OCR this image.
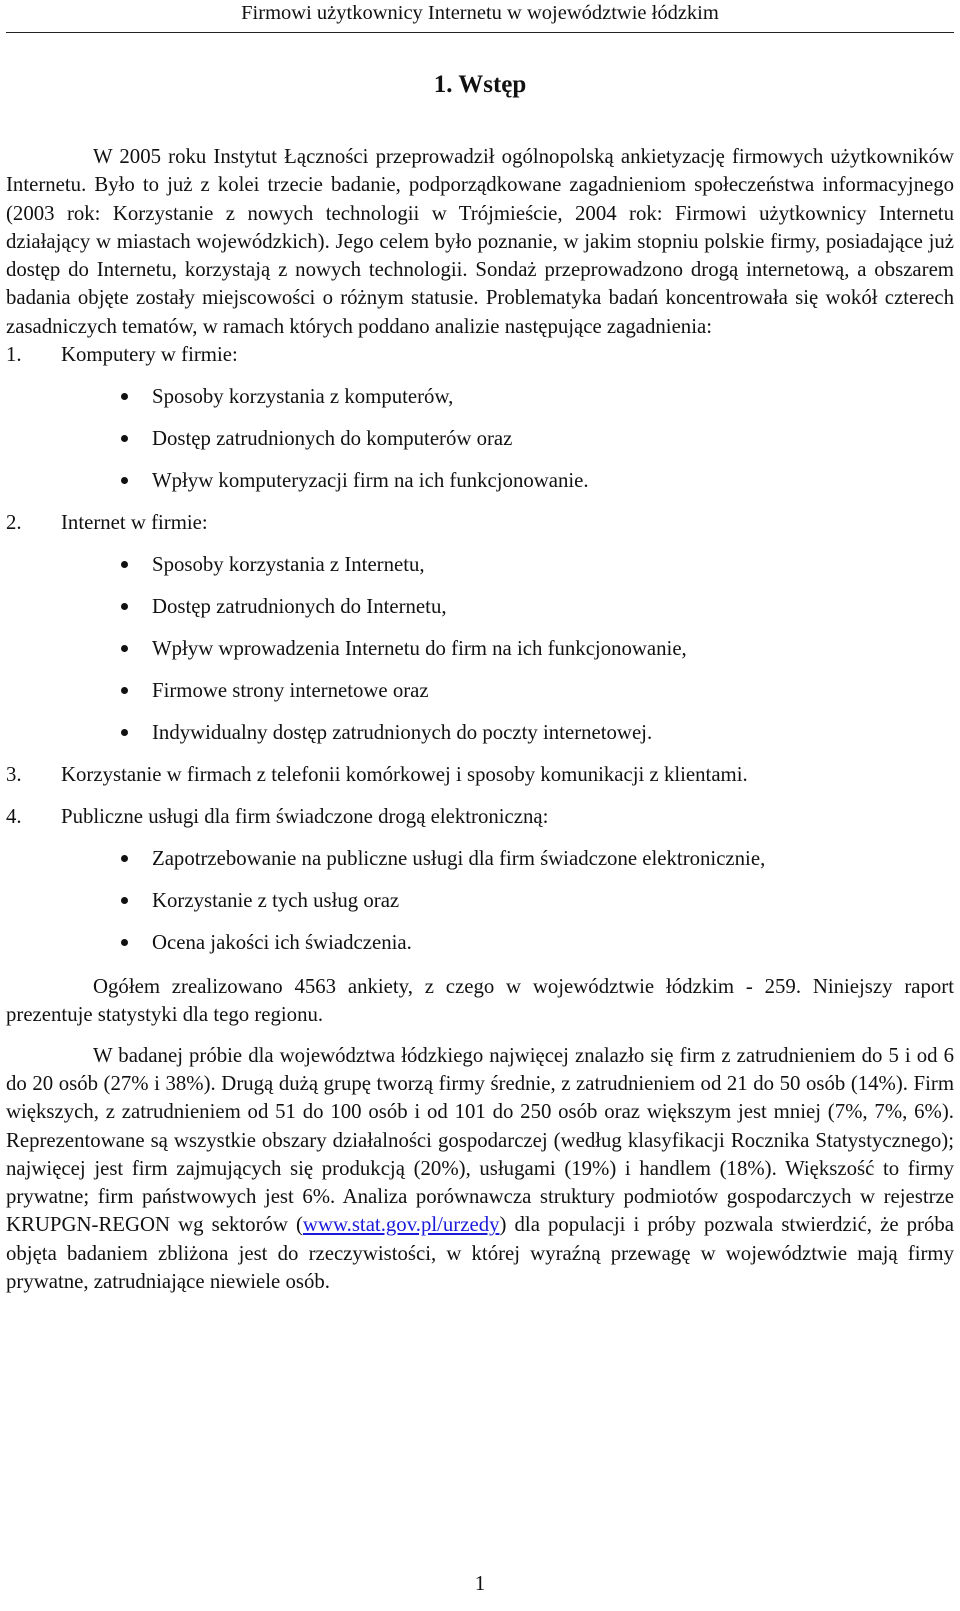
Firmowi użytkownicy Internetu w województwie łódzkim
1. Wstęp

W 2005 roku Instytut Łączności przeprowadził ogólnopolską ankietyzację firmowych użytkowników Internetu. Było to już z kolei trzecie badanie, podporządkowane zagadnieniom społeczeństwa informacyjnego (2003 rok: Korzystanie z nowych technologii w Trójmieście, 2004 rok: Firmowi użytkownicy Internetu działający w miastach wojewódzkich). Jego celem było poznanie, w jakim stopniu polskie firmy, posiadające już dostęp do Internetu, korzystają z nowych technologii. Sondaż przeprowadzono drogą internetową, a obszarem badania objęte zostały miejscowości o różnym statusie. Problematyka badań koncentrowała się wokół czterech zasadniczych tematów, w ramach których poddano analizie następujące zagadnienia:

1. Komputery w firmie:
Sposoby korzystania z komputerów,
Dostęp zatrudnionych do komputerów oraz
Wpływ komputeryzacji firm na ich funkcjonowanie.
2. Internet w firmie:
Sposoby korzystania z Internetu,
Dostęp zatrudnionych do Internetu,
Wpływ wprowadzenia Internetu do firm na ich funkcjonowanie,
Firmowe strony internetowe oraz
Indywidualny dostęp zatrudnionych do poczty internetowej.
3. Korzystanie w firmach z telefonii komórkowej i sposoby komunikacji z klientami.
4. Publiczne usługi dla firm świadczone drogą elektroniczną:
Zapotrzebowanie na publiczne usługi dla firm świadczone elektronicznie,
Korzystanie z tych usług oraz
Ocena jakości ich świadczenia.

Ogółem zrealizowano 4563 ankiety, z czego w województwie łódzkim - 259. Niniejszy raport prezentuje statystyki dla tego regionu.

W badanej próbie dla województwa łódzkiego najwięcej znalazło się firm z zatrudnieniem do 5 i od 6 do 20 osób (27% i 38%). Drugą dużą grupę tworzą firmy średnie, z zatrudnieniem od 21 do 50 osób (14%). Firm większych, z zatrudnieniem od 51 do 100 osób i od 101 do 250 osób oraz większym jest mniej (7%, 7%, 6%). Reprezentowane są wszystkie obszary działalności gospodarczej (według klasyfikacji Rocznika Statystycznego); najwięcej jest firm zajmujących się produkcją (20%), usługami (19%) i handlem (18%). Większość to firmy prywatne; firm państwowych jest 6%. Analiza porównawcza struktury podmiotów gospodarczych w rejestrze KRUPGN-REGON wg sektorów (www.stat.gov.pl/urzedy) dla populacji i próby pozwala stwierdzić, że próba objęta badaniem zbliżona jest do rzeczywistości, w której wyraźną przewagę w województwie mają firmy prywatne, zatrudniające niewiele osób.

1
